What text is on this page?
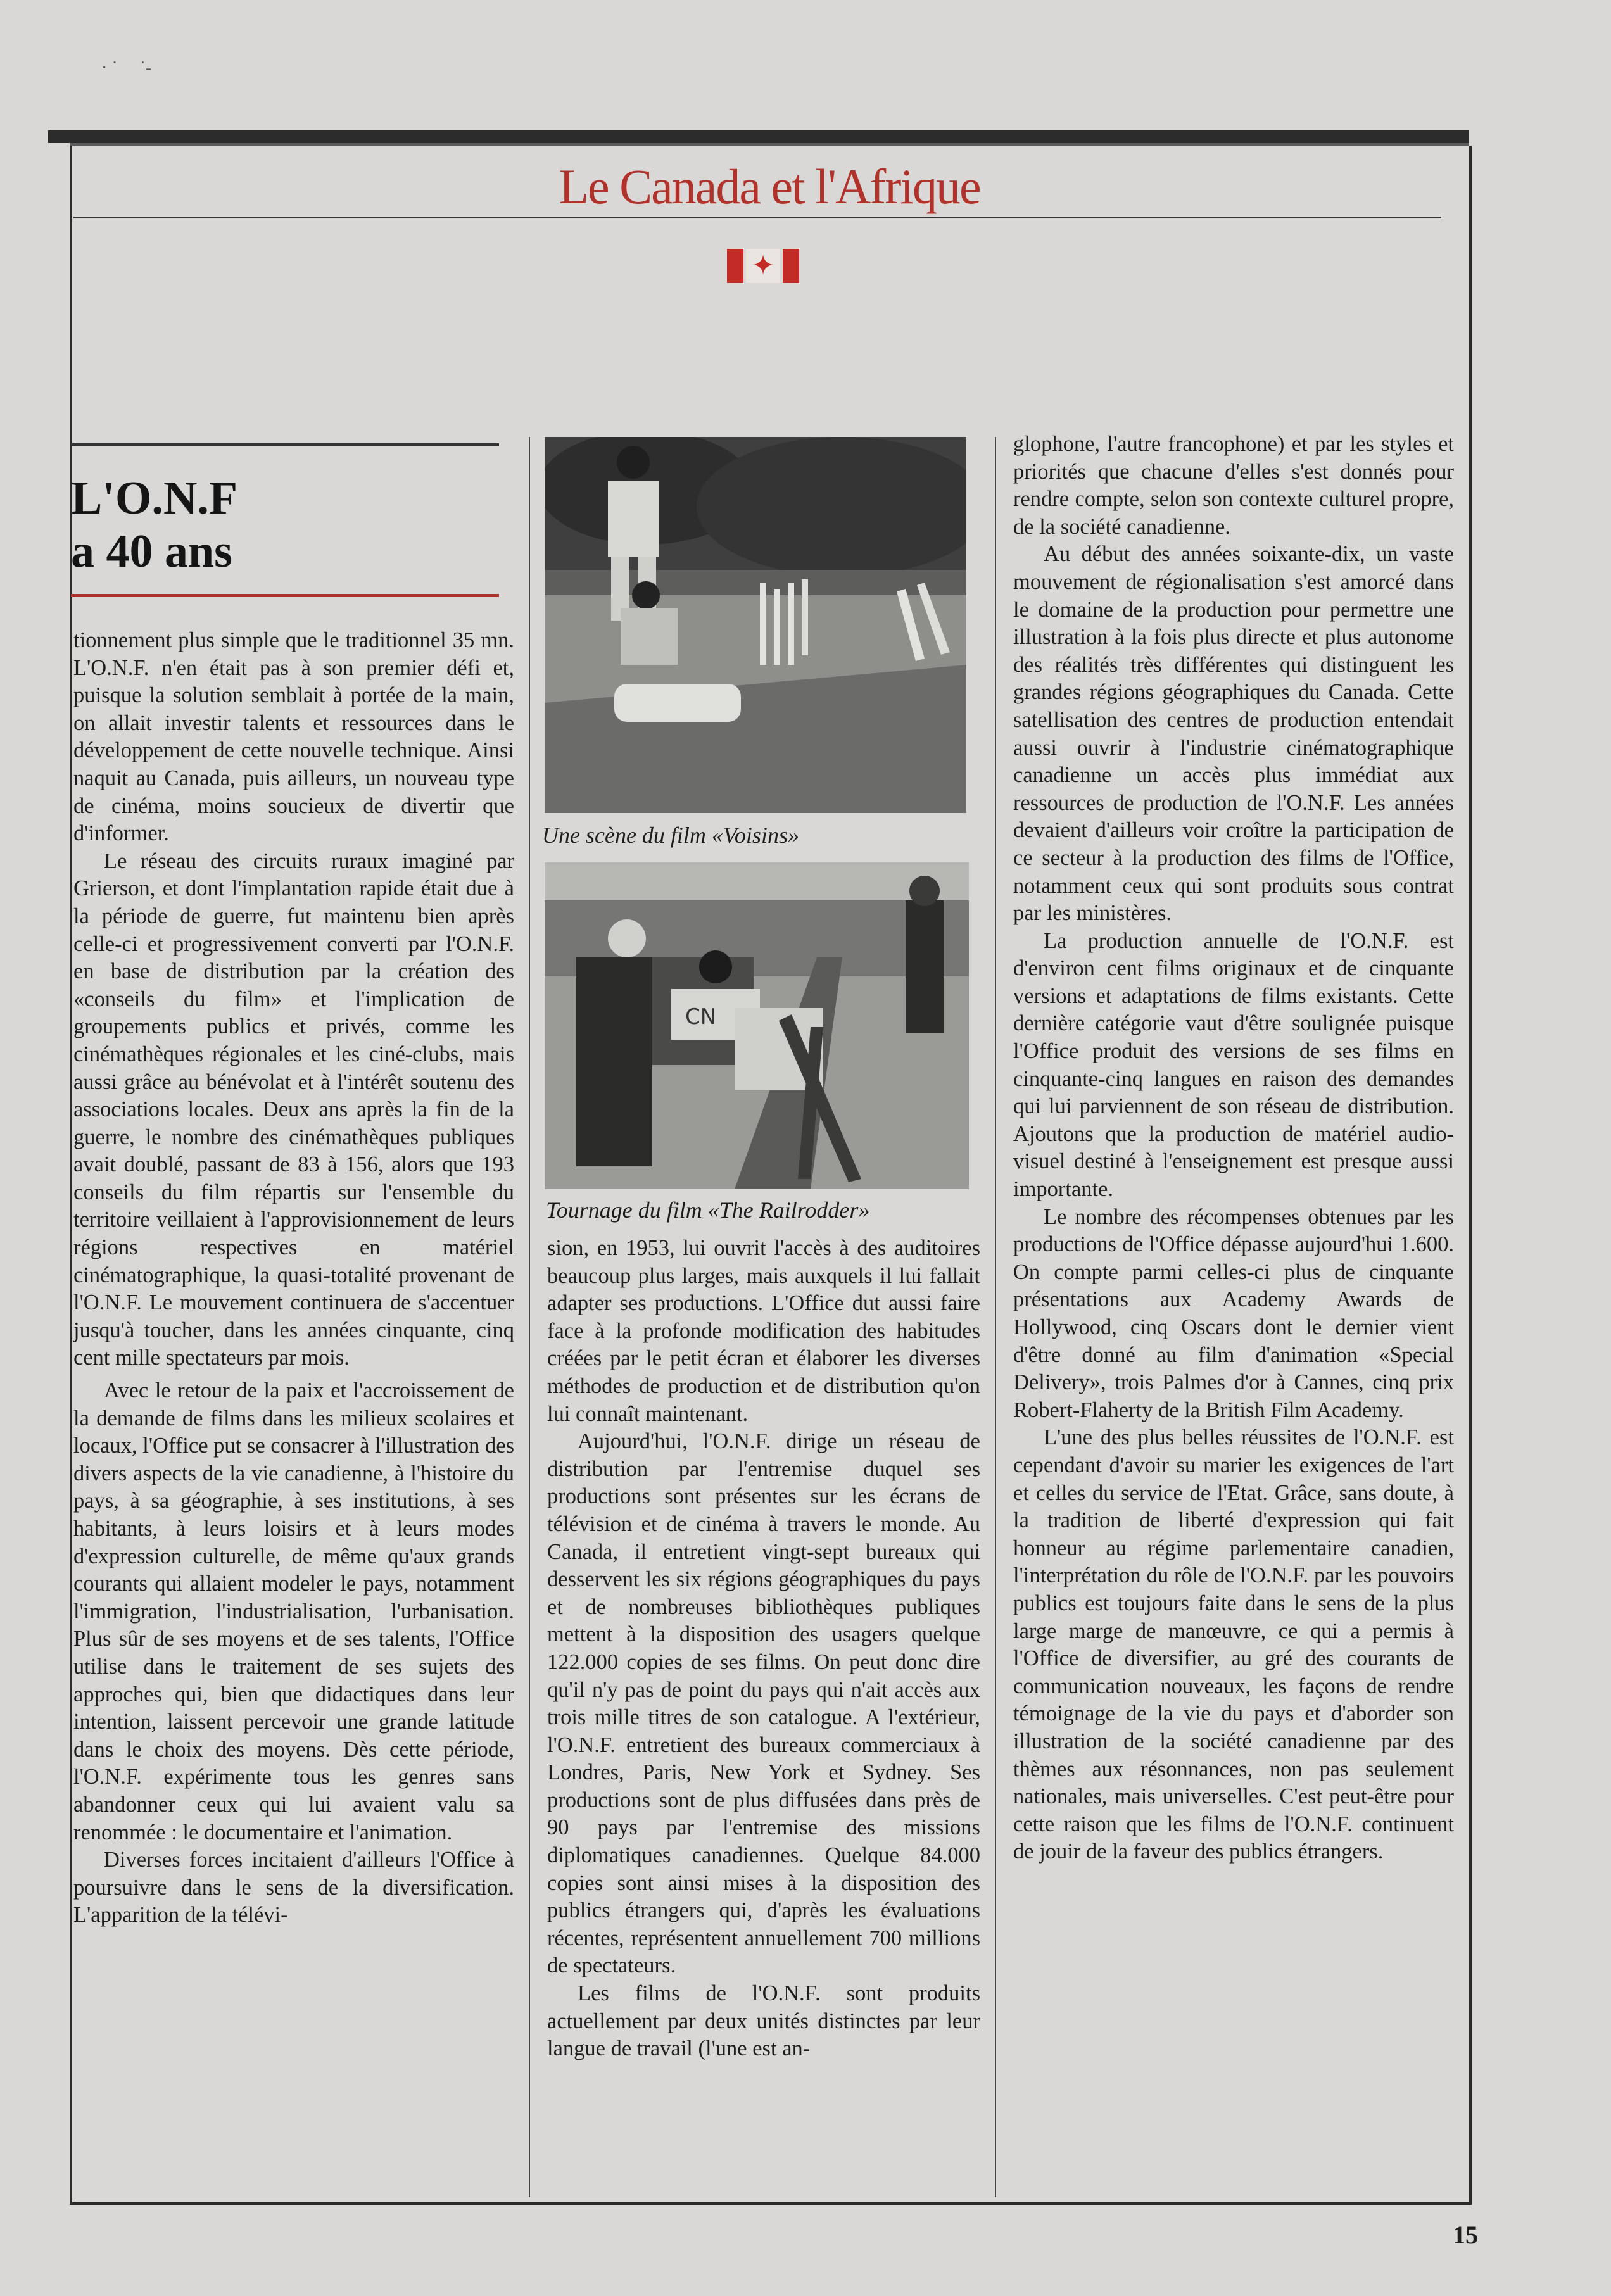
· ˙     ˙-
Le Canada et l'Afrique
✦
L'O.N.F
a 40 ans

tionnement plus simple que le traditionnel 35 mn. L'O.N.F. n'en était pas à son premier défi et, puisque la solution semblait à portée de la main, on allait investir talents et ressources dans le développement de cette nouvelle technique. Ainsi naquit au Canada, puis ailleurs, un nouveau type de cinéma, moins soucieux de divertir que d'informer.

Le réseau des circuits ruraux imaginé par Grierson, et dont l'implantation rapide était due à la période de guerre, fut maintenu bien après celle-ci et progressivement converti par l'O.N.F. en base de distribution par la création des «conseils du film» et l'implication de groupements publics et privés, comme les cinémathèques régionales et les ciné-clubs, mais aussi grâce au bénévolat et à l'intérêt soutenu des associations locales. Deux ans après la fin de la guerre, le nombre des cinémathèques publiques avait doublé, passant de 83 à 156, alors que 193 conseils du film répartis sur l'ensemble du territoire veillaient à l'approvisionnement de leurs régions respectives en matériel cinématographique, la quasi-totalité provenant de l'O.N.F. Le mouvement continuera de s'accentuer jusqu'à toucher, dans les années cinquante, cinq cent mille spectateurs par mois.

Avec le retour de la paix et l'accroissement de la demande de films dans les milieux scolaires et locaux, l'Office put se consacrer à l'illustration des divers aspects de la vie canadienne, à l'histoire du pays, à sa géographie, à ses institutions, à ses habitants, à leurs loisirs et à leurs modes d'expression culturelle, de même qu'aux grands courants qui allaient modeler le pays, notamment l'immigration, l'industrialisation, l'urbanisation. Plus sûr de ses moyens et de ses talents, l'Office utilise dans le traitement de ses sujets des approches qui, bien que didactiques dans leur intention, laissent percevoir une grande latitude dans le choix des moyens. Dès cette période, l'O.N.F. expérimente tous les genres sans abandonner ceux qui lui avaient valu sa renommée : le documentaire et l'animation.

Diverses forces incitaient d'ailleurs l'Office à poursuivre dans le sens de la diversification. L'apparition de la télévi-

Une scène du film «Voisins»
CN
Tournage du film «The Railrodder»

sion, en 1953, lui ouvrit l'accès à des auditoires beaucoup plus larges, mais auxquels il lui fallait adapter ses productions. L'Office dut aussi faire face à la profonde modification des habitudes créées par le petit écran et élaborer les diverses méthodes de production et de distribution qu'on lui connaît maintenant.

Aujourd'hui, l'O.N.F. dirige un réseau de distribution par l'entremise duquel ses productions sont présentes sur les écrans de télévision et de cinéma à travers le monde. Au Canada, il entretient vingt-sept bureaux qui desservent les six régions géographiques du pays et de nombreuses bibliothèques publiques mettent à la disposition des usagers quelque 122.000 copies de ses films. On peut donc dire qu'il n'y pas de point du pays qui n'ait accès aux trois mille titres de son catalogue. A l'extérieur, l'O.N.F. entretient des bureaux commerciaux à Londres, Paris, New York et Sydney. Ses productions sont de plus diffusées dans près de 90 pays par l'entremise des missions diplomatiques canadiennes. Quelque 84.000 copies sont ainsi mises à la disposition des publics étrangers qui, d'après les évaluations récentes, représentent annuellement 700 millions de spectateurs.

Les films de l'O.N.F. sont produits actuellement par deux unités distinctes par leur langue de travail (l'une est an-

glophone, l'autre francophone) et par les styles et priorités que chacune d'elles s'est donnés pour rendre compte, selon son contexte culturel propre, de la société canadienne.

Au début des années soixante-dix, un vaste mouvement de régionalisation s'est amorcé dans le domaine de la production pour permettre une illustration à la fois plus directe et plus autonome des réalités très différentes qui distinguent les grandes régions géographiques du Canada. Cette satellisation des centres de production entendait aussi ouvrir à l'industrie cinématographique canadienne un accès plus immédiat aux ressources de production de l'O.N.F. Les années devaient d'ailleurs voir croître la participation de ce secteur à la production des films de l'Office, notamment ceux qui sont produits sous contrat par les ministères.

La production annuelle de l'O.N.F. est d'environ cent films originaux et de cinquante versions et adaptations de films existants. Cette dernière catégorie vaut d'être soulignée puisque l'Office produit des versions de ses films en cinquante-cinq langues en raison des demandes qui lui parviennent de son réseau de distribution. Ajoutons que la production de matériel audio-visuel destiné à l'enseignement est presque aussi importante.

Le nombre des récompenses obtenues par les productions de l'Office dépasse aujourd'hui 1.600. On compte parmi celles-ci plus de cinquante présentations aux Academy Awards de Hollywood, cinq Oscars dont le dernier vient d'être donné au film d'animation «Special Delivery», trois Palmes d'or à Cannes, cinq prix Robert-Flaherty de la British Film Academy.

L'une des plus belles réussites de l'O.N.F. est cependant d'avoir su marier les exigences de l'art et celles du service de l'Etat. Grâce, sans doute, à la tradition de liberté d'expression qui fait honneur au régime parlementaire canadien, l'interprétation du rôle de l'O.N.F. par les pouvoirs publics est toujours faite dans le sens de la plus large marge de manœuvre, ce qui a permis à l'Office de diversifier, au gré des courants de communication nouveaux, les façons de rendre témoignage de la vie du pays et d'aborder son illustration de la société canadienne par des thèmes aux résonnances, non pas seulement nationales, mais universelles. C'est peut-être pour cette raison que les films de l'O.N.F. continuent de jouir de la faveur des publics étrangers.

15
